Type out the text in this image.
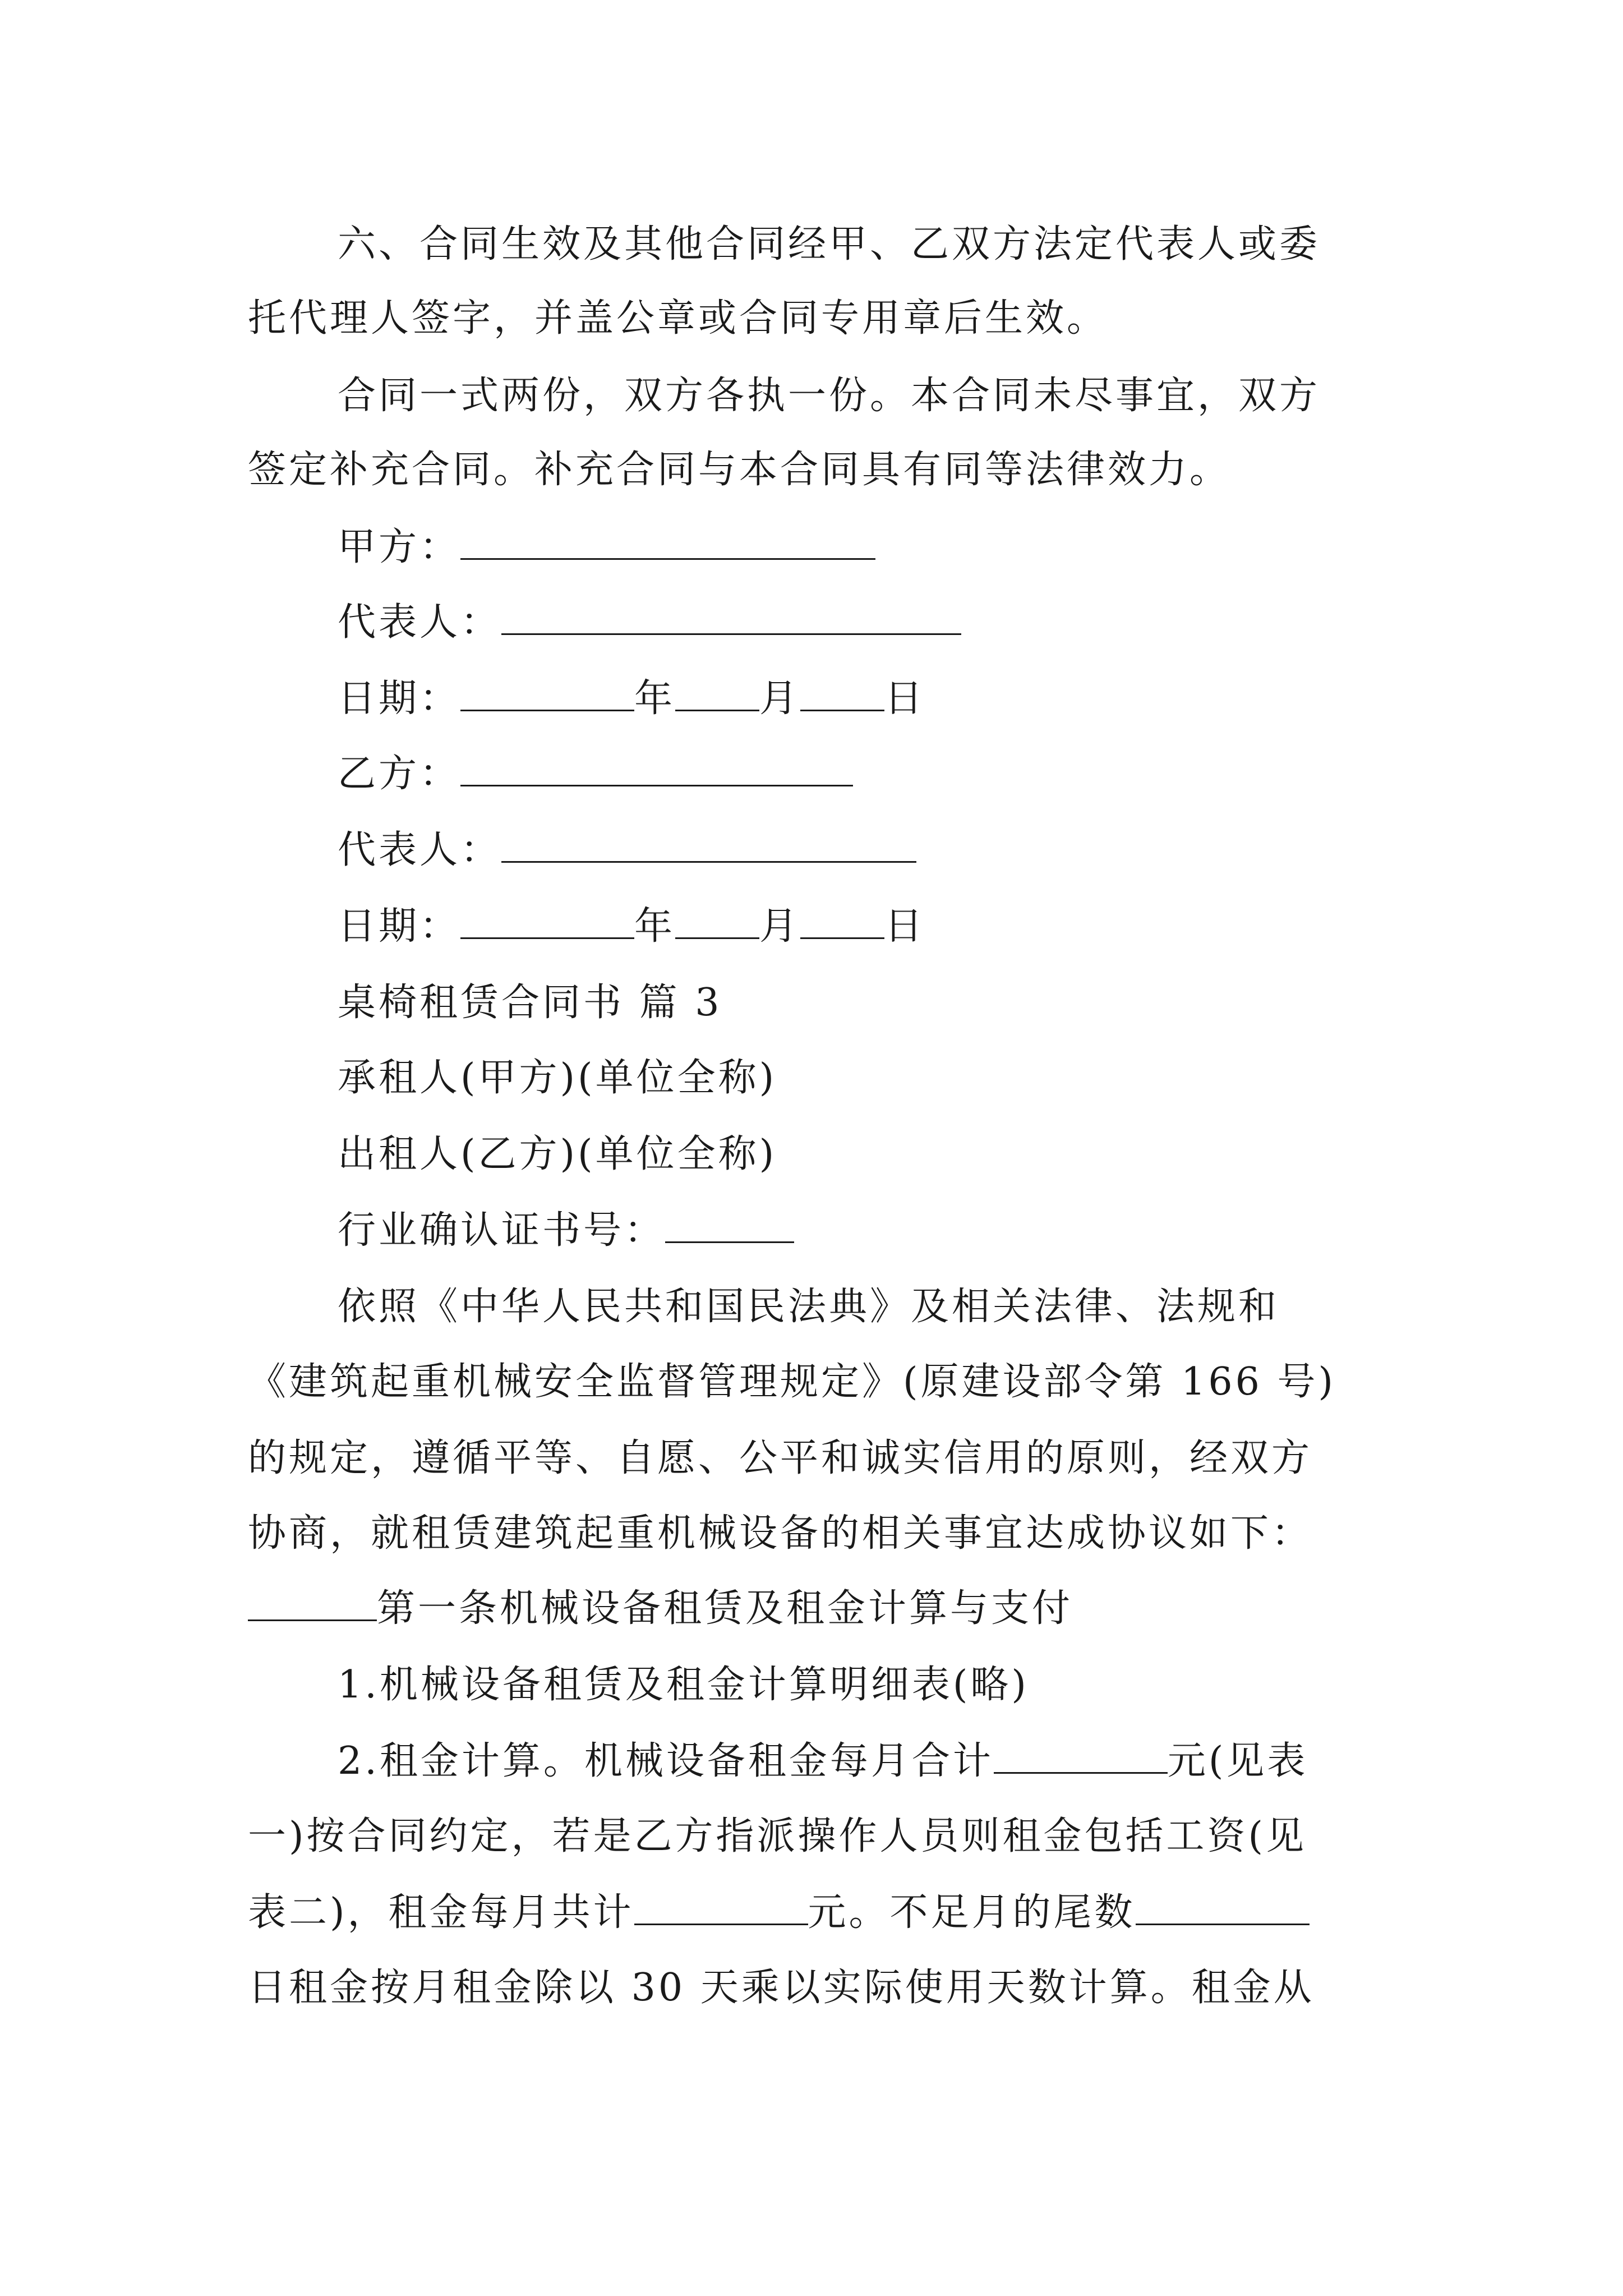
六、合同生效及其他合同经甲、乙双方法定代表人或委
托代理人签字，并盖公章或合同专用章后生效。
合同一式两份，双方各执一份。本合同未尽事宜，双方
签定补充合同。补充合同与本合同具有同等法律效力。
甲方：
代表人：
日期：	年 月 日
乙方：
代表人：
日期：	年 月 日
桌椅租赁合同书 篇 3
承租人(甲方)(单位全称)
出租人(乙方)(单位全称)
行业确认证书号：
依照《中华人民共和国民法典》及相关法律、法规和
《建筑起重机械安全监督管理规定》(原建设部令第 166 号)
的规定，遵循平等、自愿、公平和诚实信用的原则，经双方
协商，就租赁建筑起重机械设备的相关事宜达成协议如下：
第一条机械设备租赁及租金计算与支付
1.机械设备租赁及租金计算明细表(略)
2.租金计算。机械设备租金每月合计	元(见表
一)按合同约定，若是乙方指派操作人员则租金包括工资(见
表二)，租金每月共计	元。不足月的尾数
日租金按月租金除以 30 天乘以实际使用天数计算。租金从
